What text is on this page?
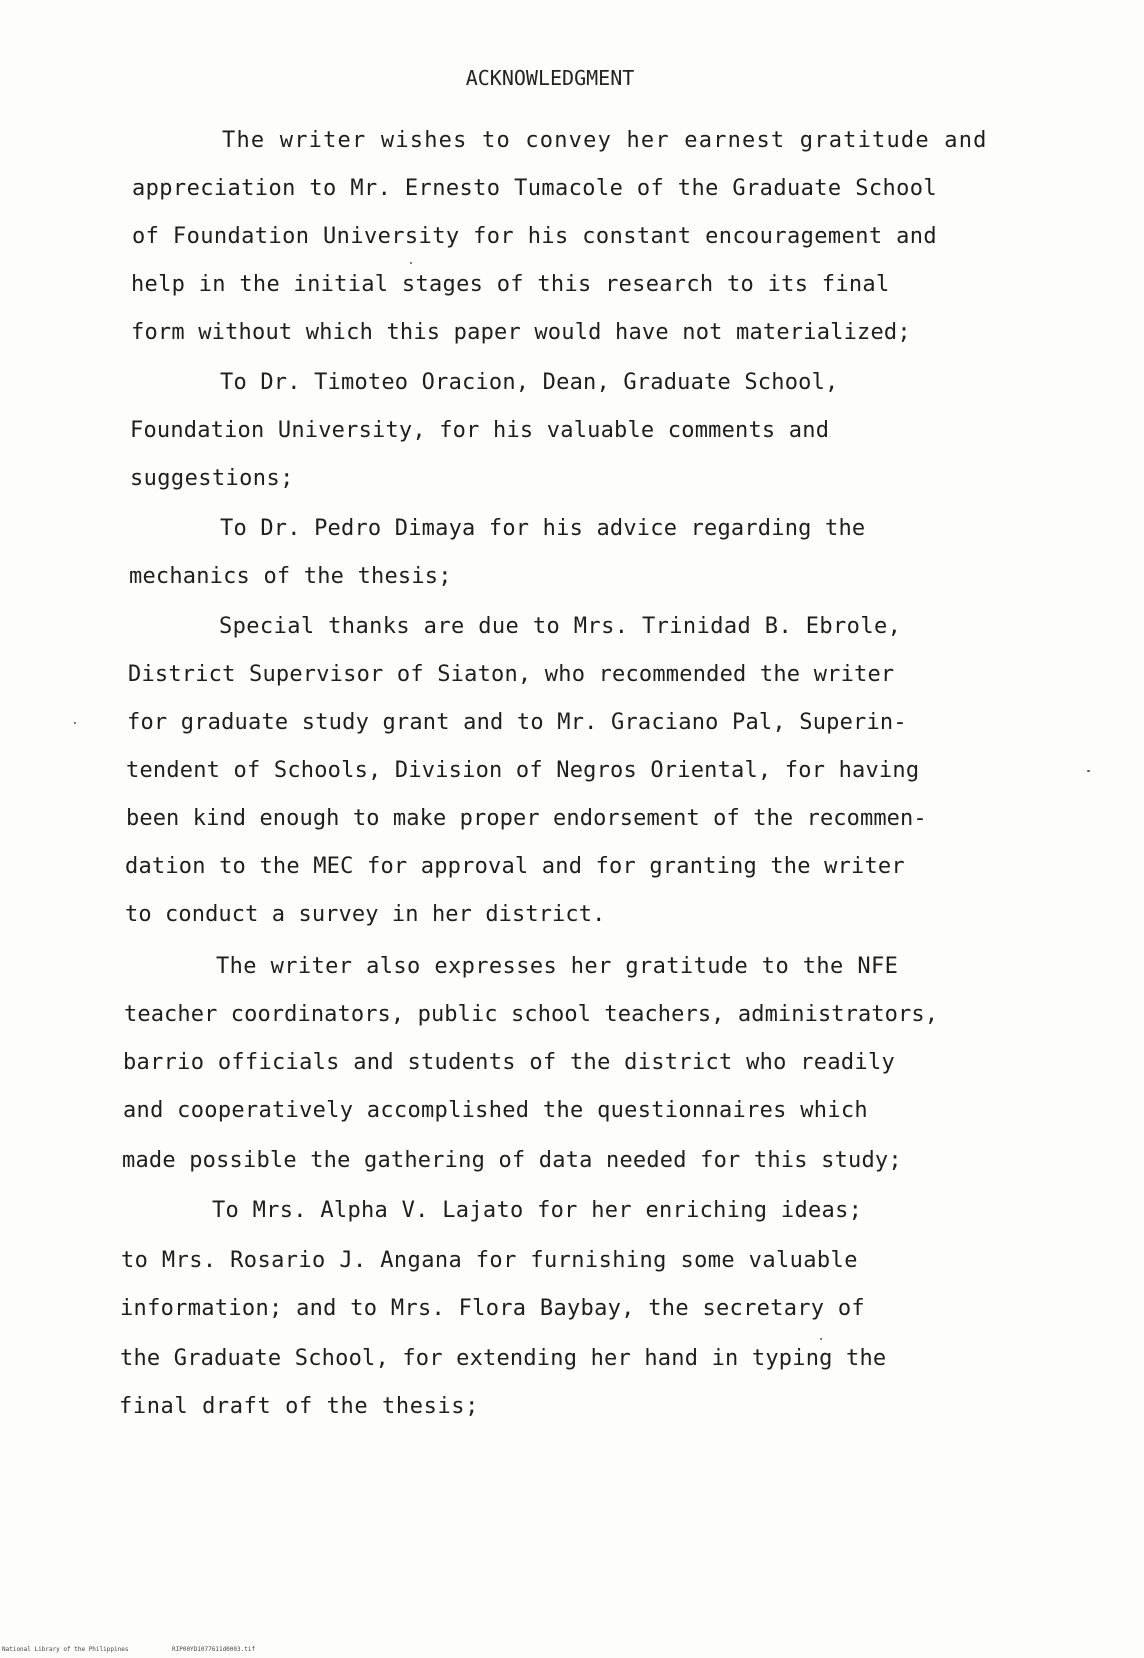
ACKNOWLEDGMENT
The writer wishes to convey her earnest gratitude and
appreciation to Mr. Ernesto Tumacole of the Graduate School
of Foundation University for his constant encouragement and
help in the initial stages of this research to its final
form without which this paper would have not materialized;
To Dr. Timoteo Oracion, Dean, Graduate School,
Foundation University, for his valuable comments and
suggestions;
To Dr. Pedro Dimaya for his advice regarding the
mechanics of the thesis;
Special thanks are due to Mrs. Trinidad B. Ebrole,
District Supervisor of Siaton, who recommended the writer
for graduate study grant and to Mr. Graciano Pal, Superin-
tendent of Schools, Division of Negros Oriental, for having
been kind enough to make proper endorsement of the recommen-
dation to the MEC for approval and for granting the writer
to conduct a survey in her district.
The writer also expresses her gratitude to the NFE
teacher coordinators, public school teachers, administrators,
barrio officials and students of the district who readily
and cooperatively accomplished the questionnaires which
made possible the gathering of data needed for this study;
To Mrs. Alpha V. Lajato for her enriching ideas;
to Mrs. Rosario J. Angana for furnishing some valuable
information; and to Mrs. Flora Baybay, the secretary of
the Graduate School, for extending her hand in typing the
final draft of the thesis;
National Library of the Philippines	RIP00YD1077611d0003.tif
